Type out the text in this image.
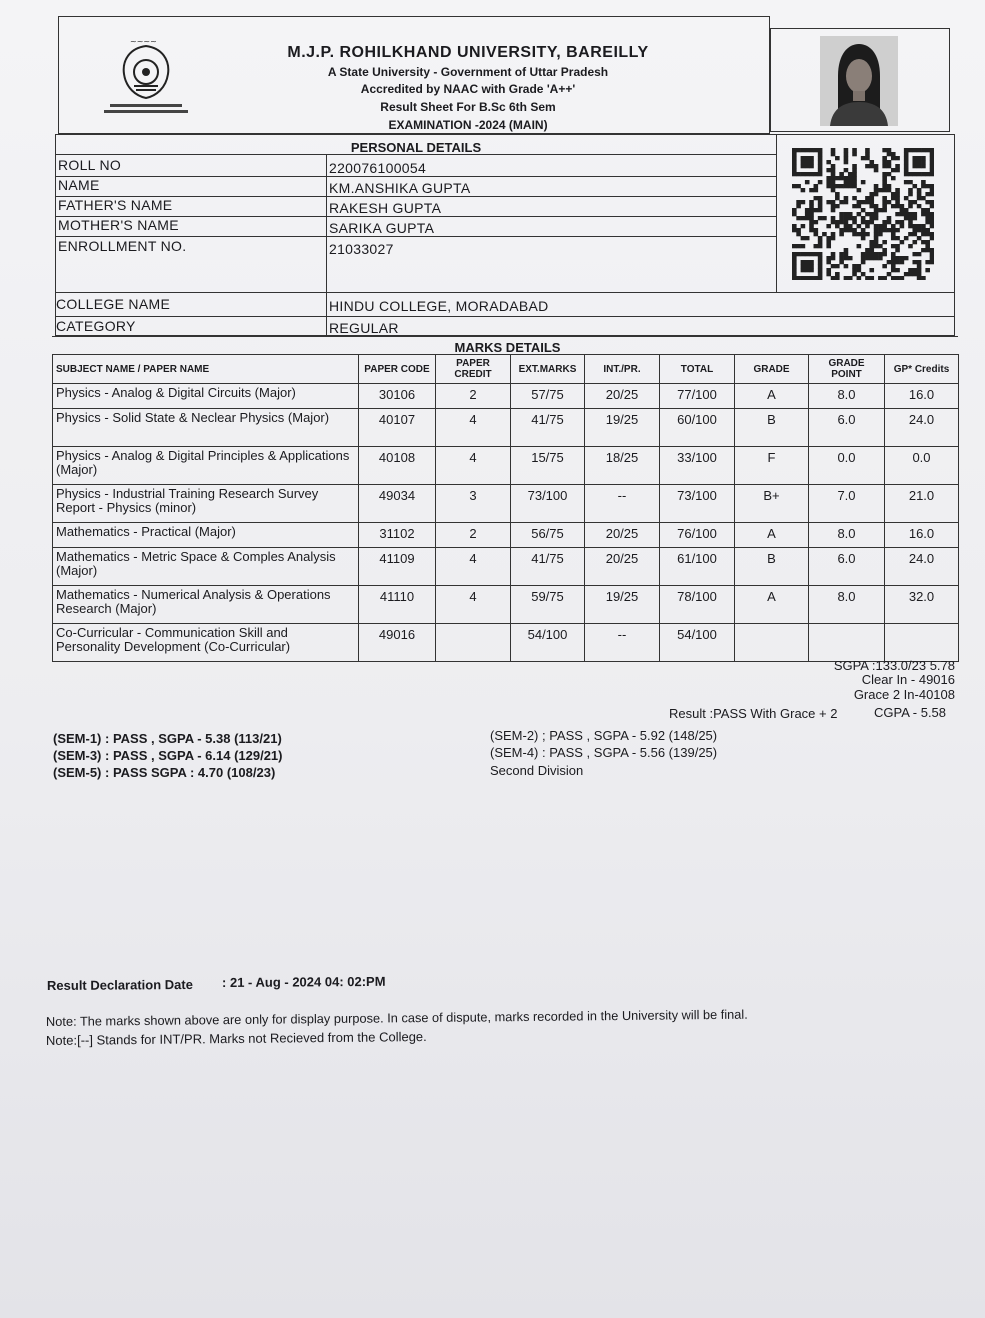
~~~~
M.J.P. ROHILKHAND UNIVERSITY, BAREILLY
A State University - Government of Uttar Pradesh
Accredited by NAAC with Grade 'A++'
Result Sheet For B.Sc 6th Sem
EXAMINATION -2024 (MAIN)
PERSONAL DETAILS
ROLL NO	220076100054
NAME	KM.ANSHIKA GUPTA
FATHER'S NAME	RAKESH GUPTA
MOTHER'S NAME	SARIKA GUPTA
ENROLLMENT NO.	21033027
COLLEGE NAME	HINDU COLLEGE, MORADABAD
CATEGORY	REGULAR
MARKS DETAILS
SUBJECT NAME / PAPER NAME	PAPER CODE	PAPER CREDIT	EXT.MARKS	INT./PR.	TOTAL	GRADE	GRADE POINT	GP* Credits
Physics - Analog & Digital Circuits (Major)	30106	2	57/75	20/25	77/100	A	8.0	16.0
Physics - Solid State & Neclear Physics (Major)	40107	4	41/75	19/25	60/100	B	6.0	24.0
Physics - Analog & Digital Principles & Applications (Major)	40108	4	15/75	18/25	33/100	F	0.0	0.0
Physics - Industrial Training Research Survey Report - Physics (minor)	49034	3	73/100	--	73/100	B+	7.0	21.0
Mathematics - Practical (Major)	31102	2	56/75	20/25	76/100	A	8.0	16.0
Mathematics - Metric Space & Comples Analysis (Major)	41109	4	41/75	20/25	61/100	B	6.0	24.0
Mathematics - Numerical Analysis & Operations Research (Major)	41110	4	59/75	19/25	78/100	A	8.0	32.0
Co-Curricular - Communication Skill and Personality Development (Co-Curricular)	49016		54/100	--	54/100			
SGPA :133.0/23 5.78
Clear In - 49016
Grace 2 In-40108
Result :PASS With Grace + 2	CGPA - 5.58
(SEM-1) : PASS , SGPA - 5.38 (113/21)
(SEM-3) : PASS , SGPA - 6.14 (129/21)
(SEM-5) : PASS SGPA : 4.70 (108/23)
(SEM-2) ; PASS , SGPA - 5.92 (148/25)
(SEM-4) : PASS , SGPA - 5.56 (139/25)
Second Division
Result Declaration Date : 21 - Aug - 2024 04: 02:PM
Note: The marks shown above are only for display purpose. In case of dispute, marks recorded in the University will be final.
Note:[--] Stands for INT/PR. Marks not Recieved from the College.
